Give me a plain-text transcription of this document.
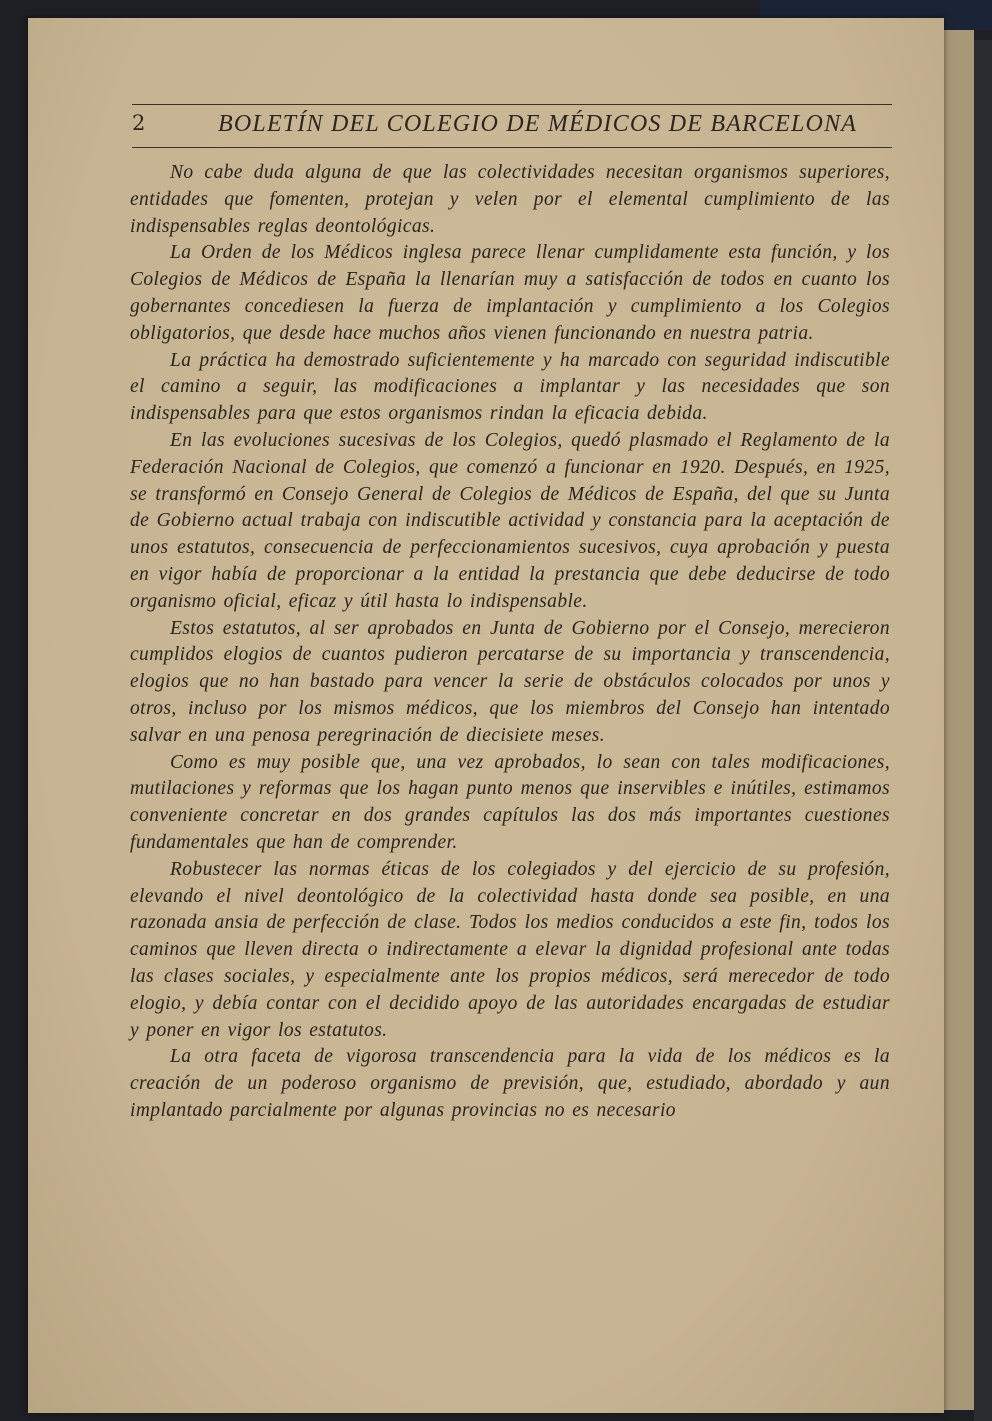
2	BOLETÍN DEL COLEGIO DE MÉDICOS DE BARCELONA

No cabe duda alguna de que las colectividades necesitan organismos superiores, entidades que fomenten, protejan y velen por el elemental cumplimiento de las indispensables reglas deontológicas.

La Orden de los Médicos inglesa parece llenar cumplidamente esta función, y los Colegios de Médicos de España la llenarían muy a satisfacción de todos en cuanto los gobernantes concediesen la fuerza de implantación y cumplimiento a los Colegios obligatorios, que desde hace muchos años vienen funcionando en nuestra patria.

La práctica ha demostrado suficientemente y ha marcado con seguridad indiscutible el camino a seguir, las modificaciones a implantar y las necesidades que son indispensables para que estos organismos rindan la eficacia debida.

En las evoluciones sucesivas de los Colegios, quedó plasmado el Reglamento de la Federación Nacional de Colegios, que comenzó a funcionar en 1920. Después, en 1925, se transformó en Consejo General de Colegios de Médicos de España, del que su Junta de Gobierno actual trabaja con indiscutible actividad y constancia para la aceptación de unos estatutos, consecuencia de perfeccionamientos sucesivos, cuya aprobación y puesta en vigor había de proporcionar a la entidad la prestancia que debe deducirse de todo organismo oficial, eficaz y útil hasta lo indispensable.

Estos estatutos, al ser aprobados en Junta de Gobierno por el Consejo, merecieron cumplidos elogios de cuantos pudieron percatarse de su importancia y transcendencia, elogios que no han bastado para vencer la serie de obstáculos colocados por unos y otros, incluso por los mismos médicos, que los miembros del Consejo han intentado salvar en una penosa peregrinación de diecisiete meses.

Como es muy posible que, una vez aprobados, lo sean con tales modificaciones, mutilaciones y reformas que los hagan punto menos que inservibles e inútiles, estimamos conveniente concretar en dos grandes capítulos las dos más importantes cuestiones fundamentales que han de comprender.

Robustecer las normas éticas de los colegiados y del ejercicio de su profesión, elevando el nivel deontológico de la colectividad hasta donde sea posible, en una razonada ansia de perfección de clase. Todos los medios conducidos a este fin, todos los caminos que lleven directa o indirectamente a elevar la dignidad profesional ante todas las clases sociales, y especialmente ante los propios médicos, será merecedor de todo elogio, y debía contar con el decidido apoyo de las autoridades encargadas de estudiar y poner en vigor los estatutos.

La otra faceta de vigorosa transcendencia para la vida de los médicos es la creación de un poderoso organismo de previsión, que, estudiado, abordado y aun implantado parcialmente por algunas provincias no es necesario
